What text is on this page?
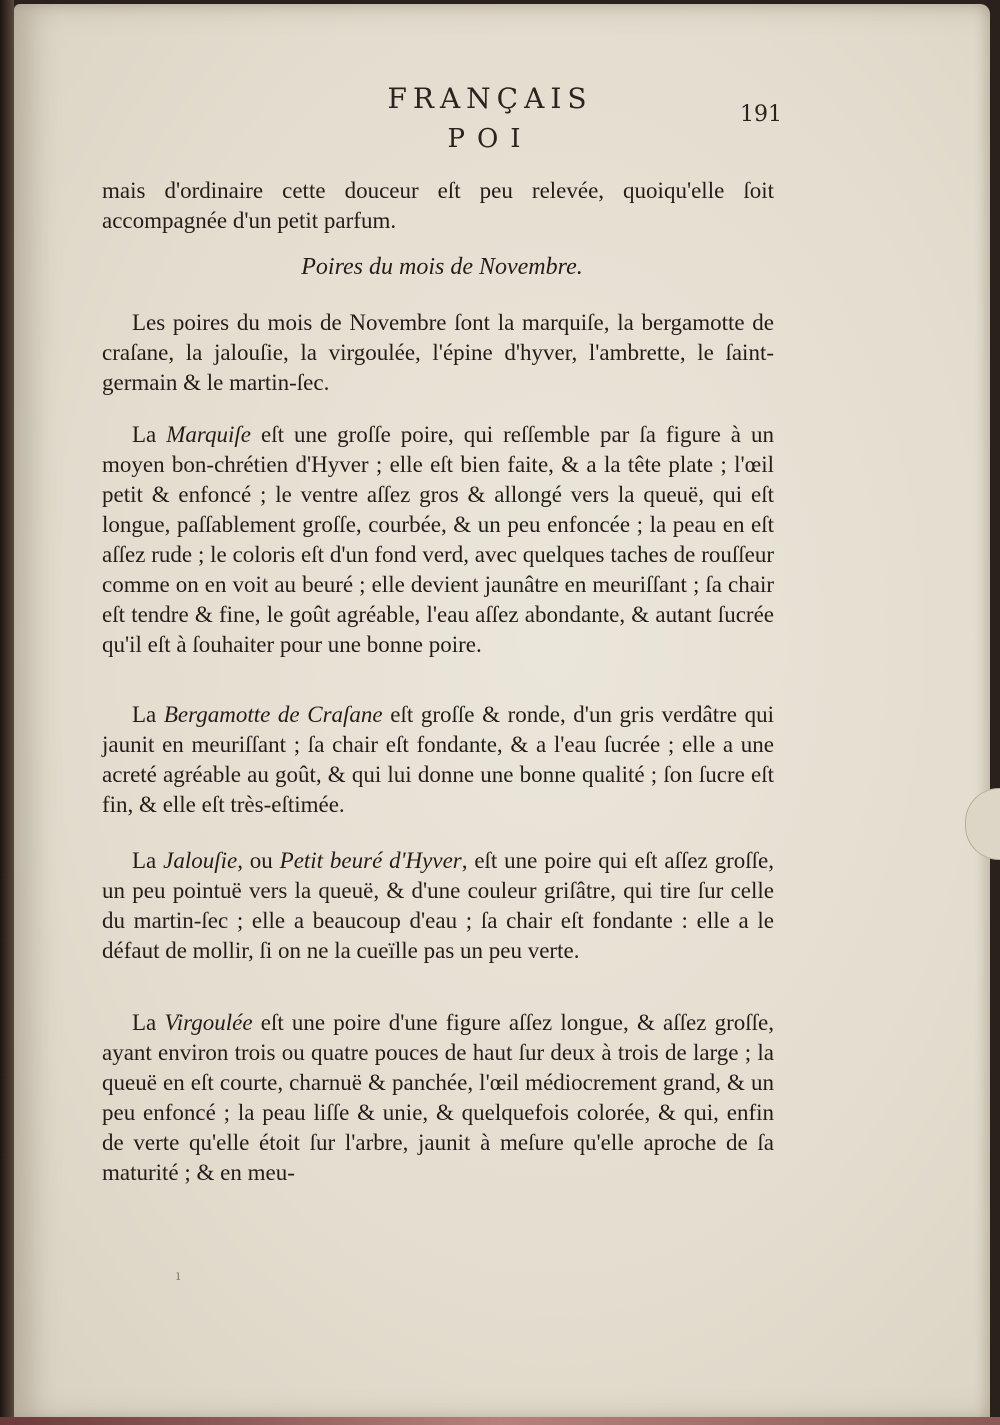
·
·
·
·
FRANÇAIS
POI
191

mais d'ordinaire cette douceur eſt peu relevée, quoiqu'elle ſoit accompagnée d'un petit parfum.

Poires du mois de Novembre.

Les poires du mois de Novembre ſont la marquiſe, la bergamotte de craſane, la jalouſie, la virgoulée, l'épine d'hyver, l'ambrette, le ſaint-germain & le martin-ſec.

La Marquiſe eſt une groſſe poire, qui reſſemble par ſa figure à un moyen bon-chrétien d'Hyver ; elle eſt bien faite, & a la tête plate ; l'œil petit & enfoncé ; le ventre aſſez gros & allongé vers la queuë, qui eſt longue, paſſablement groſſe, courbée, & un peu enfoncée ; la peau en eſt aſſez rude ; le coloris eſt d'un fond verd, avec quelques taches de rouſſeur comme on en voit au beuré ; elle devient jaunâtre en meuriſſant ; ſa chair eſt tendre & fine, le goût agréable, l'eau aſſez abondante, & autant ſucrée qu'il eſt à ſouhaiter pour une bonne poire.

La Bergamotte de Craſane eſt groſſe & ronde, d'un gris verdâtre qui jaunit en meuriſſant ; ſa chair eſt fondante, & a l'eau ſucrée ; elle a une acreté agréable au goût, & qui lui donne une bonne qualité ; ſon ſucre eſt fin, & elle eſt très-eſtimée.

La Jalouſie, ou Petit beuré d'Hyver, eſt une poire qui eſt aſſez groſſe, un peu pointuë vers la queuë, & d'une couleur griſâtre, qui tire ſur celle du martin-ſec ; elle a beaucoup d'eau ; ſa chair eſt fondante : elle a le défaut de mollir, ſi on ne la cueïlle pas un peu verte.

La Virgoulée eſt une poire d'une figure aſſez longue, & aſſez groſſe, ayant environ trois ou quatre pouces de haut ſur deux à trois de large ; la queuë en eſt courte, charnuë & panchée, l'œil médiocrement grand, & un peu enfoncé ; la peau liſſe & unie, & quelquefois colorée, & qui, enfin de verte qu'elle étoit ſur l'arbre, jaunit à meſure qu'elle aproche de ſa maturité ; & en meu-

ı
